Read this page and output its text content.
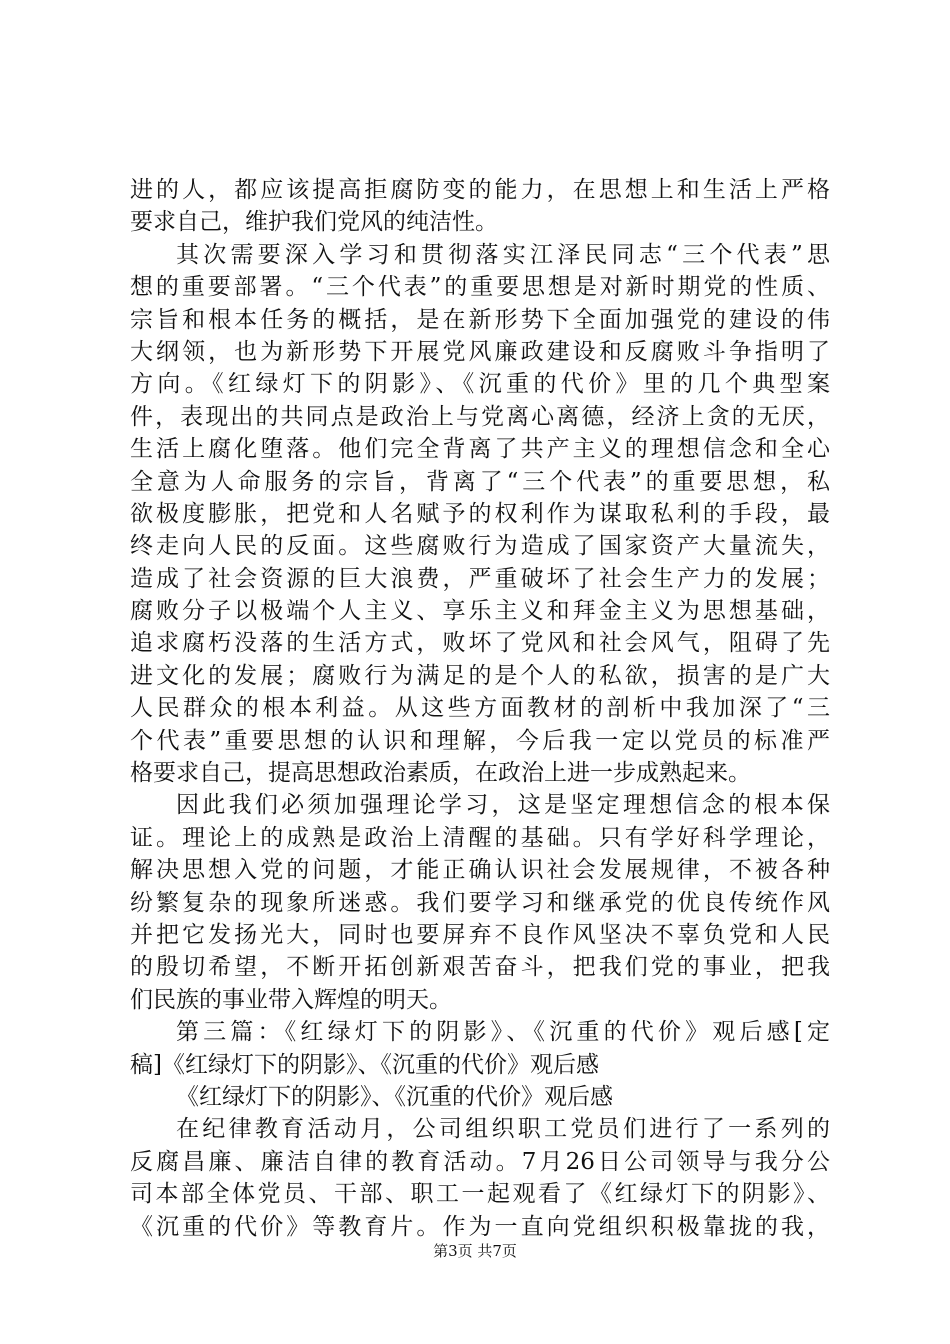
进的人，都应该提高拒腐防变的能力，在思想上和生活上严格
要求自己，维护我们党风的纯洁性。
其次需要深入学习和贯彻落实江泽民同志“三个代表”思
想的重要部署。“三个代表”的重要思想是对新时期党的性质、
宗旨和根本任务的概括，是在新形势下全面加强党的建设的伟
大纲领，也为新形势下开展党风廉政建设和反腐败斗争指明了
方向。《红绿灯下的阴影》、《沉重的代价》里的几个典型案
件，表现出的共同点是政治上与党离心离德，经济上贪的无厌，
生活上腐化堕落。他们完全背离了共产主义的理想信念和全心
全意为人命服务的宗旨，背离了“三个代表”的重要思想，私
欲极度膨胀，把党和人名赋予的权利作为谋取私利的手段，最
终走向人民的反面。这些腐败行为造成了国家资产大量流失，
造成了社会资源的巨大浪费，严重破坏了社会生产力的发展；
腐败分子以极端个人主义、享乐主义和拜金主义为思想基础，
追求腐朽没落的生活方式，败坏了党风和社会风气，阻碍了先
进文化的发展；腐败行为满足的是个人的私欲，损害的是广大
人民群众的根本利益。从这些方面教材的剖析中我加深了“三
个代表”重要思想的认识和理解，今后我一定以党员的标准严
格要求自己，提高思想政治素质，在政治上进一步成熟起来。
因此我们必须加强理论学习，这是坚定理想信念的根本保
证。理论上的成熟是政治上清醒的基础。只有学好科学理论，
解决思想入党的问题，才能正确认识社会发展规律，不被各种
纷繁复杂的现象所迷惑。我们要学习和继承党的优良传统作风
并把它发扬光大，同时也要屏弃不良作风坚决不辜负党和人民
的殷切希望，不断开拓创新艰苦奋斗，把我们党的事业，把我
们民族的事业带入辉煌的明天。
第三篇：《红绿灯下的阴影》、《沉重的代价》观后感[定
稿]《红绿灯下的阴影》、《沉重的代价》观后感
《红绿灯下的阴影》、《沉重的代价》观后感
在纪律教育活动月，公司组织职工党员们进行了一系列的
反腐昌廉、廉洁自律的教育活动。7月26日公司领导与我分公
司本部全体党员、干部、职工一起观看了《红绿灯下的阴影》、
《沉重的代价》等教育片。作为一直向党组织积极靠拢的我，
第3页 共7页
